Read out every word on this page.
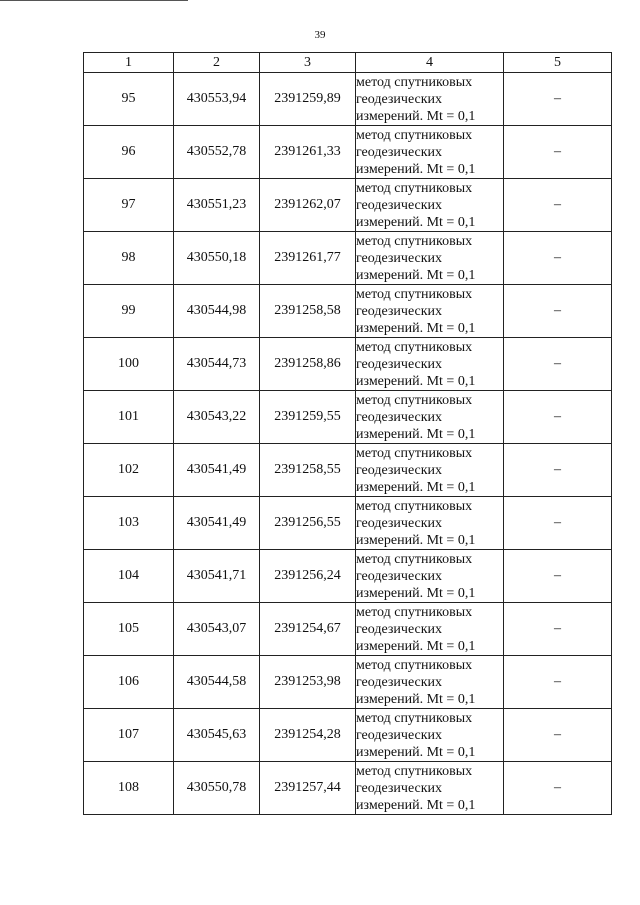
39
1	2	3	4	5
95	430553,94	2391259,89	метод спутниковых
геодезических
измерений. Mt = 0,1	–
96	430552,78	2391261,33	метод спутниковых
геодезических
измерений. Mt = 0,1	–
97	430551,23	2391262,07	метод спутниковых
геодезических
измерений. Mt = 0,1	–
98	430550,18	2391261,77	метод спутниковых
геодезических
измерений. Mt = 0,1	–
99	430544,98	2391258,58	метод спутниковых
геодезических
измерений. Mt = 0,1	–
100	430544,73	2391258,86	метод спутниковых
геодезических
измерений. Mt = 0,1	–
101	430543,22	2391259,55	метод спутниковых
геодезических
измерений. Mt = 0,1	–
102	430541,49	2391258,55	метод спутниковых
геодезических
измерений. Mt = 0,1	–
103	430541,49	2391256,55	метод спутниковых
геодезических
измерений. Mt = 0,1	–
104	430541,71	2391256,24	метод спутниковых
геодезических
измерений. Mt = 0,1	–
105	430543,07	2391254,67	метод спутниковых
геодезических
измерений. Mt = 0,1	–
106	430544,58	2391253,98	метод спутниковых
геодезических
измерений. Mt = 0,1	–
107	430545,63	2391254,28	метод спутниковых
геодезических
измерений. Mt = 0,1	–
108	430550,78	2391257,44	метод спутниковых
геодезических
измерений. Mt = 0,1	–
